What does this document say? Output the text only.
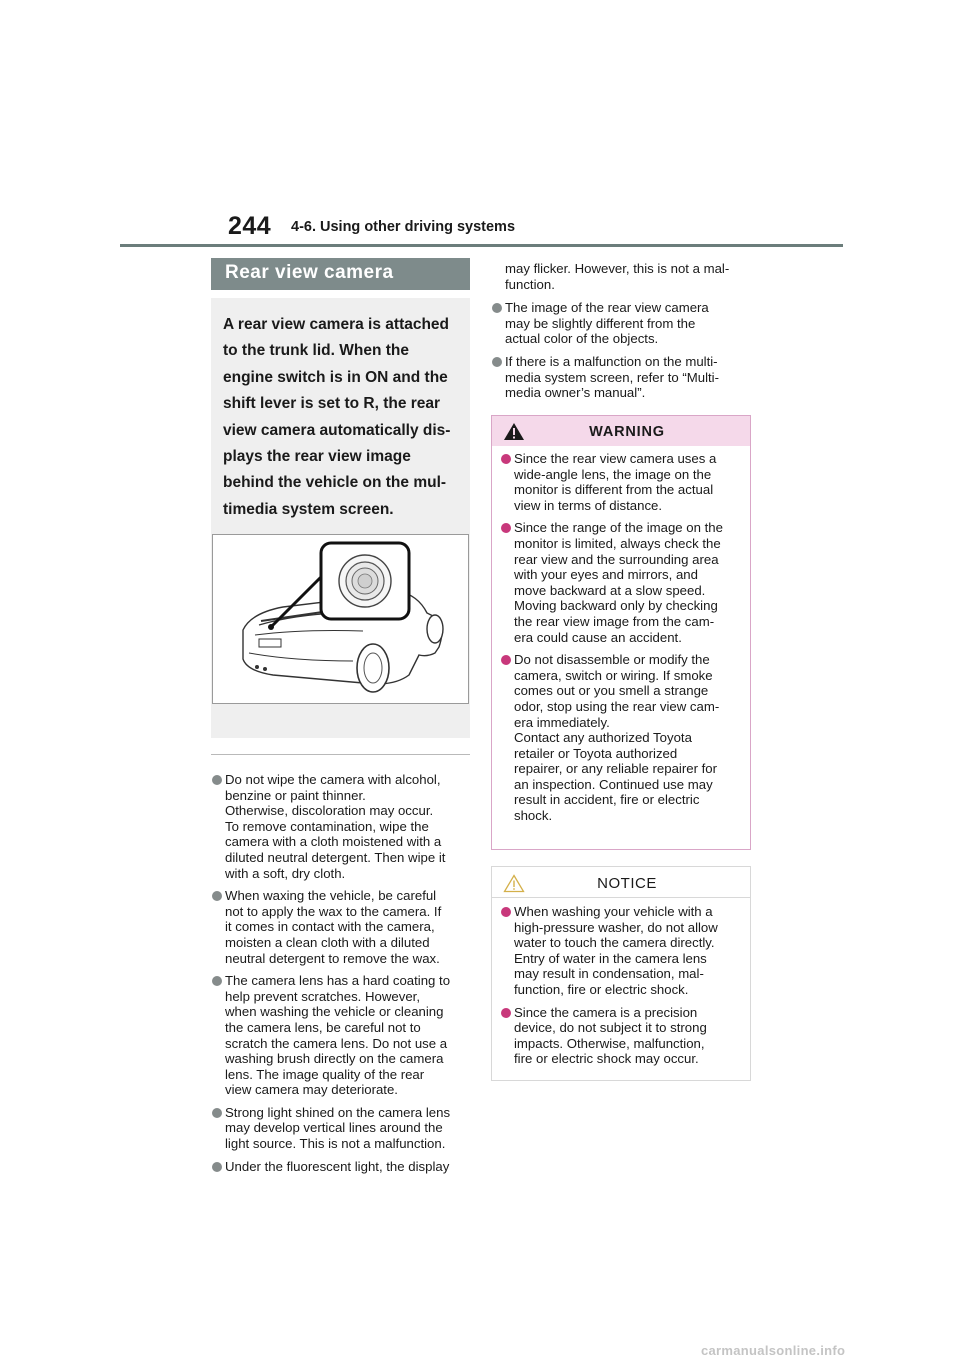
244 4-6. Using other driving systems
Rear view camera
A rear view camera is attached
to the trunk lid. When the
engine switch is in ON and the
shift lever is set to R, the rear
view camera automatically dis-
plays the rear view image
behind the vehicle on the mul-
timedia system screen.
Do not wipe the camera with alcohol,
benzine or paint thinner.
Otherwise, discoloration may occur.
To remove contamination, wipe the
camera with a cloth moistened with a
diluted neutral detergent. Then wipe it
with a soft, dry cloth.
When waxing the vehicle, be careful
not to apply the wax to the camera. If
it comes in contact with the camera,
moisten a clean cloth with a diluted
neutral detergent to remove the wax.
The camera lens has a hard coating to
help prevent scratches. However,
when washing the vehicle or cleaning
the camera lens, be careful not to
scratch the camera lens. Do not use a
washing brush directly on the camera
lens. The image quality of the rear
view camera may deteriorate.
Strong light shined on the camera lens
may develop vertical lines around the
light source. This is not a malfunction.
Under the fluorescent light, the display
may flicker. However, this is not a mal-
function.
The image of the rear view camera
may be slightly different from the
actual color of the objects.
If there is a malfunction on the multi-
media system screen, refer to “Multi-
media owner’s manual”.
WARNING
Since the rear view camera uses a
wide-angle lens, the image on the
monitor is different from the actual
view in terms of distance.
Since the range of the image on the
monitor is limited, always check the
rear view and the surrounding area
with your eyes and mirrors, and
move backward at a slow speed.
Moving backward only by checking
the rear view image from the cam-
era could cause an accident.
Do not disassemble or modify the
camera, switch or wiring. If smoke
comes out or you smell a strange
odor, stop using the rear view cam-
era immediately.
Contact any authorized Toyota
retailer or Toyota authorized
repairer, or any reliable repairer for
an inspection. Continued use may
result in accident, fire or electric
shock.
NOTICE
When washing your vehicle with a
high-pressure washer, do not allow
water to touch the camera directly.
Entry of water in the camera lens
may result in condensation, mal-
function, fire or electric shock.
Since the camera is a precision
device, do not subject it to strong
impacts. Otherwise, malfunction,
fire or electric shock may occur.
carmanualsonline.info
